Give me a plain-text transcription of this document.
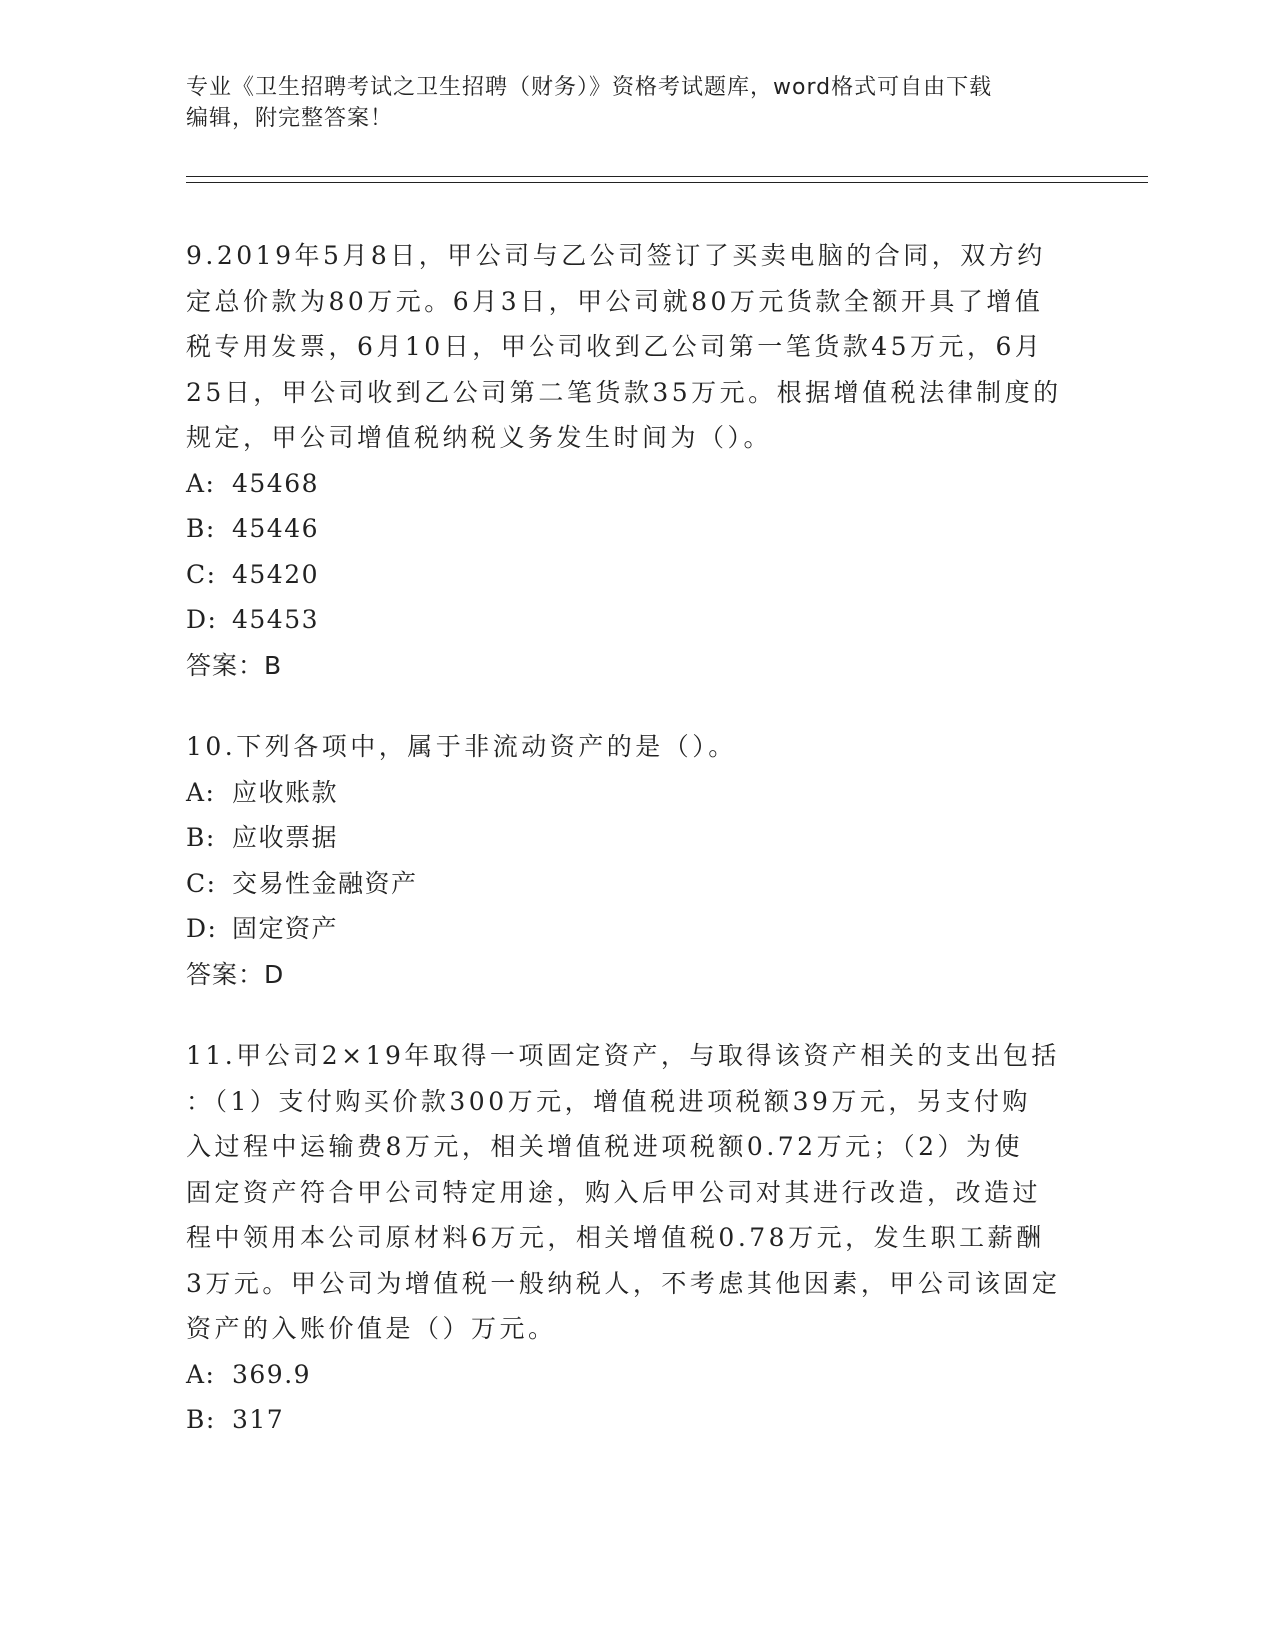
专业《卫生招聘考试之卫生招聘（财务）》资格考试题库，word格式可自由下载
编辑，附完整答案！

9.2019年5月8日，甲公司与乙公司签订了买卖电脑的合同，双方约
定总价款为80万元。6月3日，甲公司就80万元货款全额开具了增值
税专用发票，6月10日，甲公司收到乙公司第一笔货款45万元，6月
25日，甲公司收到乙公司第二笔货款35万元。根据增值税法律制度的
规定，甲公司增值税纳税义务发生时间为（）。

A: 45468

B: 45446

C: 45420

D: 45453

答案：B

10.下列各项中，属于非流动资产的是（）。

A: 应收账款

B: 应收票据

C: 交易性金融资产

D: 固定资产

答案：D

11.甲公司2×19年取得一项固定资产，与取得该资产相关的支出包括
：（1）支付购买价款300万元，增值税进项税额39万元，另支付购
入过程中运输费8万元，相关增值税进项税额0.72万元；（2）为使
固定资产符合甲公司特定用途，购入后甲公司对其进行改造，改造过
程中领用本公司原材料6万元，相关增值税0.78万元，发生职工薪酬
3万元。甲公司为增值税一般纳税人，不考虑其他因素，甲公司该固定
资产的入账价值是（）万元。

A: 369.9

B: 317
